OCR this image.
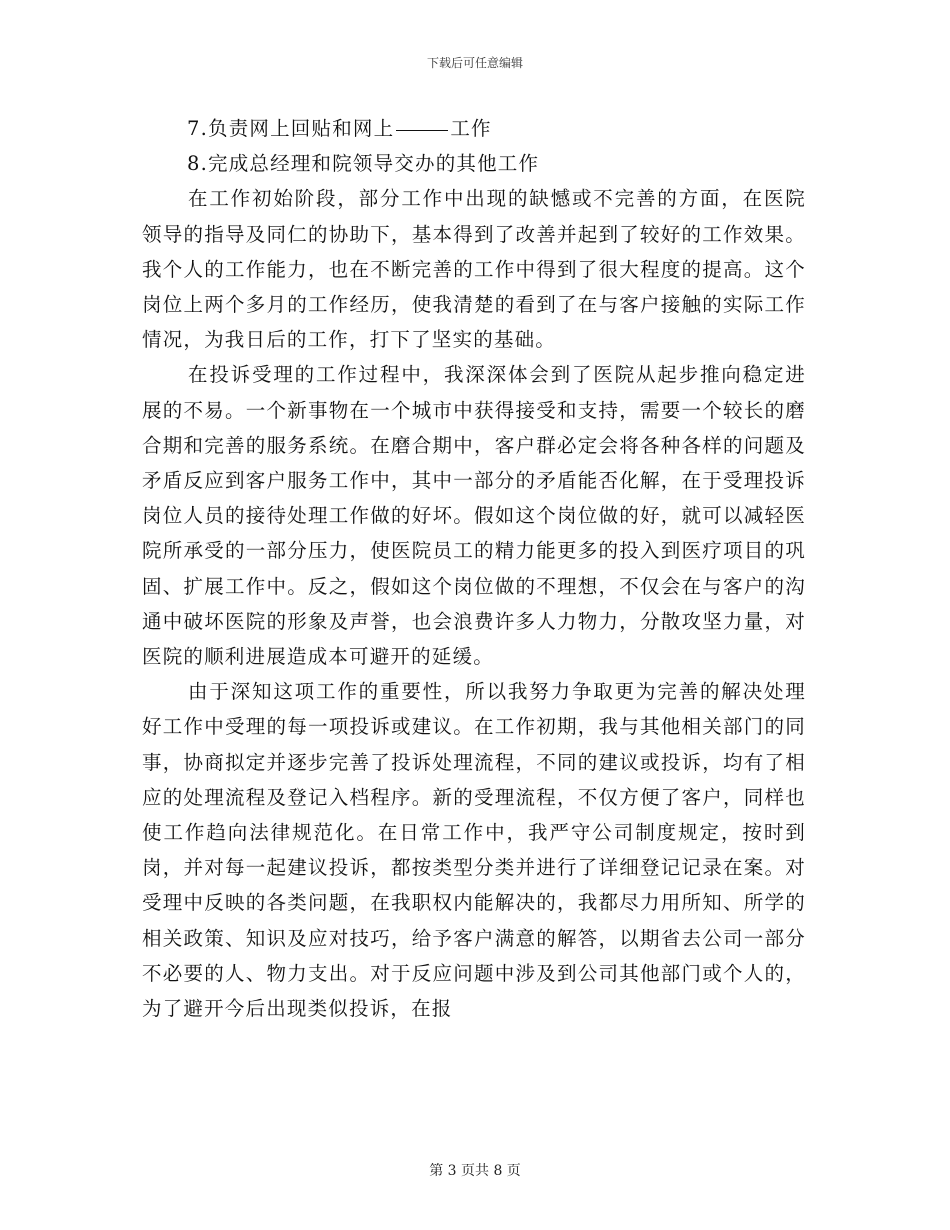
下载后可任意编辑

7.负责网上回贴和网上	工作

8.完成总经理和院领导交办的其他工作

在工作初始阶段，部分工作中出现的缺憾或不完善的方面，在医院领导的指导及同仁的协助下，基本得到了改善并起到了较好的工作效果。我个人的工作能力，也在不断完善的工作中得到了很大程度的提高。这个岗位上两个多月的工作经历，使我清楚的看到了在与客户接触的实际工作情况，为我日后的工作，打下了坚实的基础。

在投诉受理的工作过程中，我深深体会到了医院从起步推向稳定进展的不易。一个新事物在一个城市中获得接受和支持，需要一个较长的磨合期和完善的服务系统。在磨合期中，客户群必定会将各种各样的问题及矛盾反应到客户服务工作中，其中一部分的矛盾能否化解，在于受理投诉岗位人员的接待处理工作做的好坏。假如这个岗位做的好，就可以减轻医院所承受的一部分压力，使医院员工的精力能更多的投入到医疗项目的巩固、扩展工作中。反之，假如这个岗位做的不理想，不仅会在与客户的沟通中破坏医院的形象及声誉，也会浪费许多人力物力，分散攻坚力量，对医院的顺利进展造成本可避开的延缓。

由于深知这项工作的重要性，所以我努力争取更为完善的解决处理好工作中受理的每一项投诉或建议。在工作初期，我与其他相关部门的同事，协商拟定并逐步完善了投诉处理流程，不同的建议或投诉，均有了相应的处理流程及登记入档程序。新的受理流程，不仅方便了客户，同样也使工作趋向法律规范化。在日常工作中，我严守公司制度规定，按时到岗，并对每一起建议投诉，都按类型分类并进行了详细登记记录在案。对受理中反映的各类问题，在我职权内能解决的，我都尽力用所知、所学的相关政策、知识及应对技巧，给予客户满意的解答，以期省去公司一部分不必要的人、物力支出。对于反应问题中涉及到公司其他部门或个人的，为了避开今后出现类似投诉，在报

第 3 页共 8 页
